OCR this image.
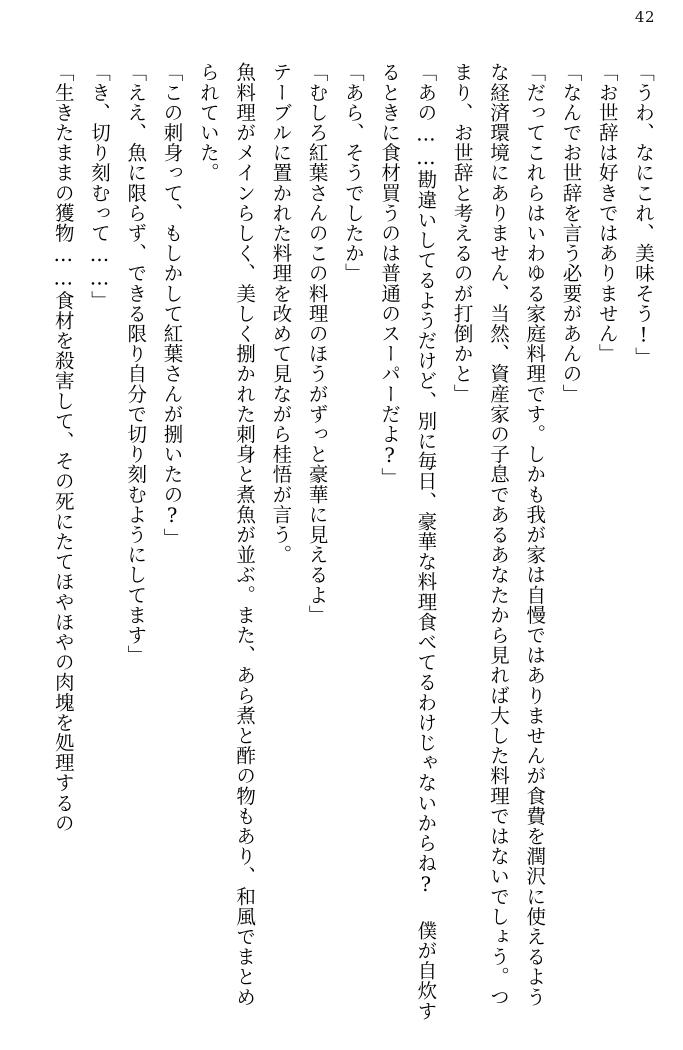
42

「うわ、なにこれ、美味そう!」

「お世辞は好きではありません」

「なんでお世辞を言う必要があんの」

「だってこれらはいわゆる家庭料理です。しかも我が家は自慢ではありませんが食費を潤沢に使えるような経済環境にありません、当然、資産家の子息であるあなたから見れば大した料理ではないでしょう。つまり、お世辞と考えるのが打倒かと」

「あの……勘違いしてるようだけど、別に毎日、豪華な料理食べてるわけじゃないからね? 僕が自炊するときに食材買うのは普通のスーパーだよ?」

「あら、そうでしたか」

「むしろ紅葉さんのこの料理のほうがずっと豪華に見えるよ」

テーブルに置かれた料理を改めて見ながら桂悟が言う。

魚料理がメインらしく、美しく捌かれた刺身と煮魚が並ぶ。また、あら煮と酢の物もあり、和風でまとめられていた。

「この刺身って、もしかして紅葉さんが捌いたの?」

「ええ、魚に限らず、できる限り自分で切り刻むようにしてます」

「き、切り刻むって……」

「生きたままの獲物……食材を殺害して、その死にたてほやほやの肉塊を処理するの
